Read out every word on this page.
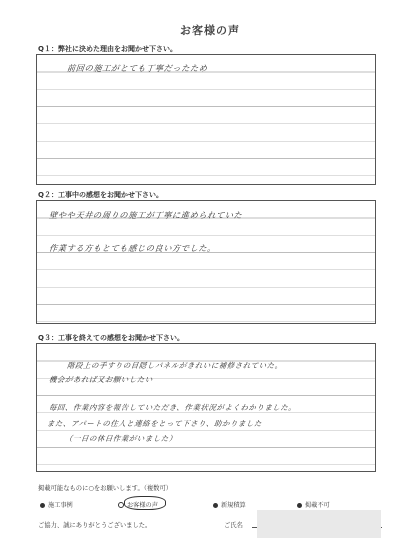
お客様の声
Q１：弊社に決めた理由をお聞かせ下さい。
前回の施工がとても丁寧だったため
Q２：工事中の感想をお聞かせ下さい。
壁やや天井の周りの施工が丁寧に進められていた
作業する方もとても感じの良い方でした。
Q３：工事を終えての感想をお聞かせ下さい。
階段上の手すりの目隠しパネルがきれいに補修されていた。
機会があれば又お願いしたい
毎回、作業内容を報告していただき、作業状況がよくわかりました。
また、アパートの住人と連絡をとって下さり、助かりました
（一日の休日作業がいました）
掲載可能なものに○をお願いします。（複数可）
施工事例	お客様の声	新規積算	掲載不可
ご協力、誠にありがとうございました。	ご氏名
